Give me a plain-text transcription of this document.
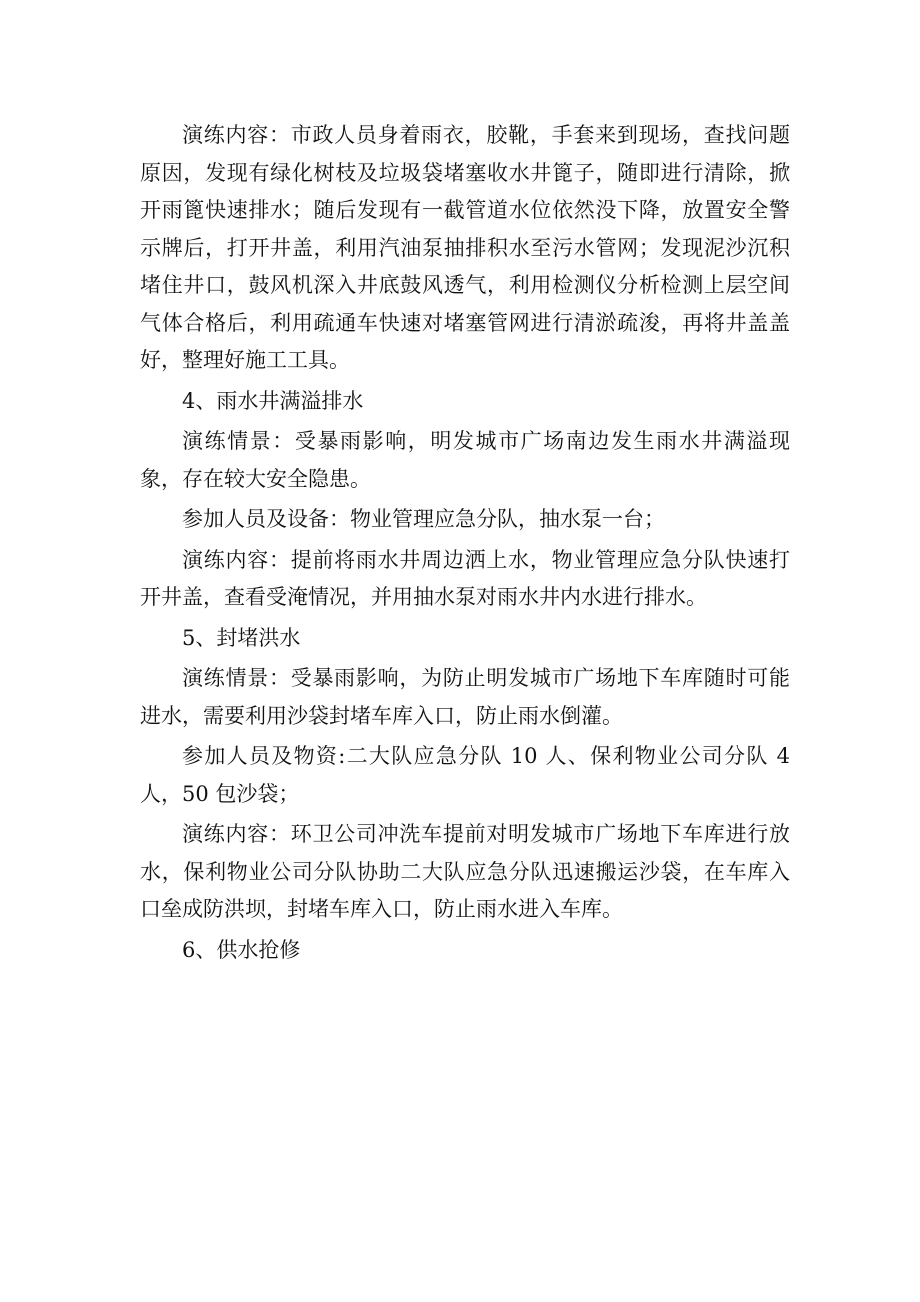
演练内容：市政人员身着雨衣，胶靴，手套来到现场，查找问题原因，发现有绿化树枝及垃圾袋堵塞收水井篦子，随即进行清除，掀开雨篦快速排水；随后发现有一截管道水位依然没下降，放置安全警示牌后，打开井盖，利用汽油泵抽排积水至污水管网；发现泥沙沉积堵住井口，鼓风机深入井底鼓风透气，利用检测仪分析检测上层空间气体合格后，利用疏通车快速对堵塞管网进行清淤疏浚，再将井盖盖好，整理好施工工具。

4、雨水井满溢排水

演练情景：受暴雨影响，明发城市广场南边发生雨水井满溢现象，存在较大安全隐患。

参加人员及设备：物业管理应急分队，抽水泵一台；

演练内容：提前将雨水井周边洒上水，物业管理应急分队快速打开井盖，查看受淹情况，并用抽水泵对雨水井内水进行排水。

5、封堵洪水

演练情景：受暴雨影响，为防止明发城市广场地下车库随时可能进水，需要利用沙袋封堵车库入口，防止雨水倒灌。

参加人员及物资:二大队应急分队 10 人、保利物业公司分队 4 人，50 包沙袋；

演练内容：环卫公司冲洗车提前对明发城市广场地下车库进行放水，保利物业公司分队协助二大队应急分队迅速搬运沙袋，在车库入口垒成防洪坝，封堵车库入口，防止雨水进入车库。

6、供水抢修
